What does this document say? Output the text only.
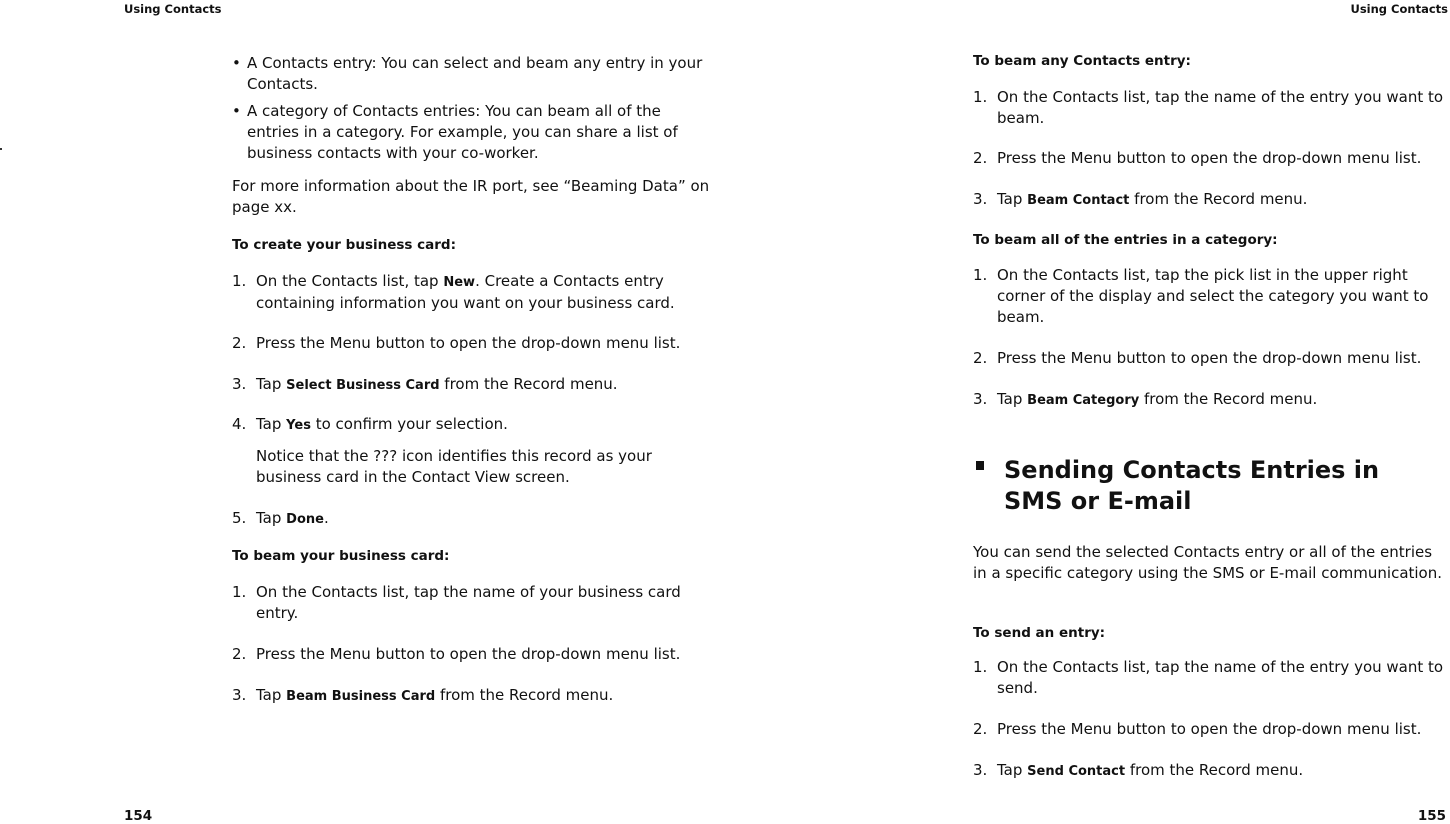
Using Contacts
• A Contacts entry: You can select and beam any entry in your Contacts.
• A category of Contacts entries: You can beam all of the entries in a category. For example, you can share a list of business contacts with your co-worker.
For more information about the IR port, see “Beaming Data” on page xx.
To create your business card:
1. On the Contacts list, tap New. Create a Contacts entry containing information you want on your business card.
2. Press the Menu button to open the drop-down menu list.
3. Tap Select Business Card from the Record menu.
4. Tap Yes to confirm your selection.
Notice that the ??? icon identifies this record as your business card in the Contact View screen.
5. Tap Done.
To beam your business card:
1. On the Contacts list, tap the name of your business card entry.
2. Press the Menu button to open the drop-down menu list.
3. Tap Beam Business Card from the Record menu.
154
Using Contacts
To beam any Contacts entry:
1. On the Contacts list, tap the name of the entry you want to beam.
2. Press the Menu button to open the drop-down menu list.
3. Tap Beam Contact from the Record menu.
To beam all of the entries in a category:
1. On the Contacts list, tap the pick list in the upper right corner of the display and select the category you want to beam.
2. Press the Menu button to open the drop-down menu list.
3. Tap Beam Category from the Record menu.
Sending Contacts Entries in SMS or E-mail
You can send the selected Contacts entry or all of the entries in a specific category using the SMS or E-mail communication.
To send an entry:
1. On the Contacts list, tap the name of the entry you want to send.
2. Press the Menu button to open the drop-down menu list.
3. Tap Send Contact from the Record menu.
155
